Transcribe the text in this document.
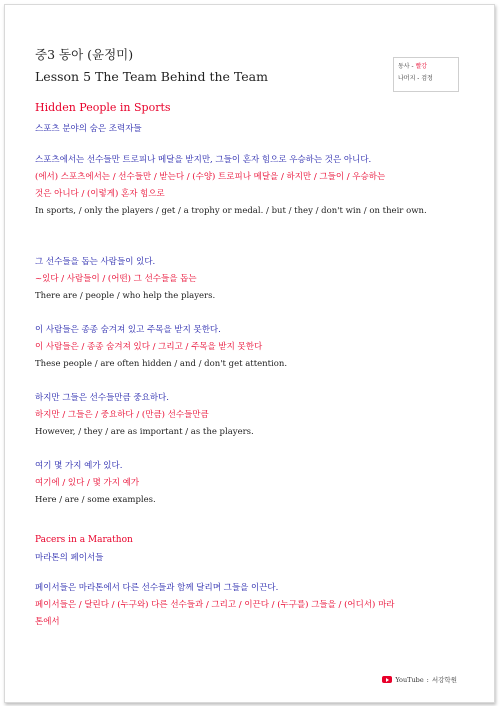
중3 동아 (윤정미)
Lesson 5 The Team Behind the Team
동사 - 빨강
나머지 - 검정
Hidden People in Sports
스포츠 분야의 숨은 조력자들
스포츠에서는 선수들만 트로피나 메달을 받지만, 그들이 혼자 힘으로 우승하는 것은 아니다.
(에서) 스포츠에서는 / 선수들만 / 받는다 / (수양) 트로피나 메달을 / 하지만 / 그들이 / 우승하는
것은 아니다 / (이렇게) 혼자 힘으로
In sports, / only the players / get / a trophy or medal. / but / they / don't win / on their own.
그 선수들을 돕는 사람들이 있다.
~있다 / 사람들이 / (어떤) 그 선수들을 돕는
There are / people / who help the players.
이 사람들은 종종 숨겨져 있고 주목을 받지 못한다.
이 사람들은 / 종종 숨겨져 있다 / 그리고 / 주목을 받지 못한다
These people / are often hidden / and / don't get attention.
하지만 그들은 선수들만큼 중요하다.
하지만 / 그들은 / 중요하다 / (만큼) 선수들만큼
However, / they / are as important / as the players.
여기 몇 가지 예가 있다.
여기에 / 있다 / 몇 가지 예가
Here / are / some examples.
Pacers in a Marathon
마라톤의 페이서들
페이서들은 마라톤에서 다른 선수들과 함께 달리며 그들을 이끈다.
페이서들은 / 달린다 / (누구와) 다른 선수들과 / 그리고 / 이끈다 / (누구를) 그들을 / (어디서) 마라
톤에서
YouTube : 서강학원
